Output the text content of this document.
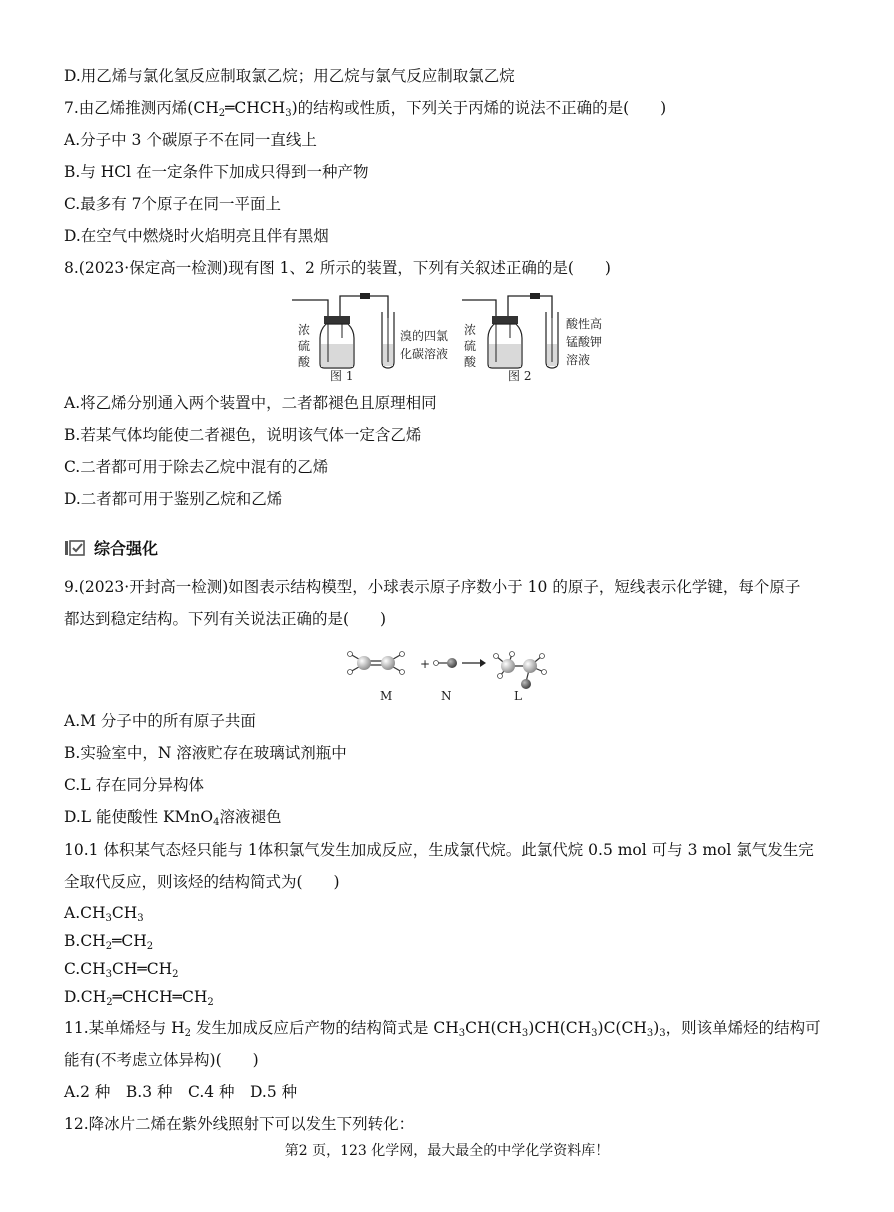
D.用乙烯与氯化氢反应制取氯乙烷；用乙烷与氯气反应制取氯乙烷
7.由乙烯推测丙烯$(CH_2═CHCH_3)$的结构或性质，下列关于丙烯的说法不正确的是(　　)
A.分子中 3 个碳原子不在同一直线上
B.与 HCl 在一定条件下加成只得到一种产物
C.最多有 7个原子在同一平面上
D.在空气中燃烧时火焰明亮且伴有黑烟
8.(2023·保定高一检测)现有图 1、2 所示的装置，下列有关叙述正确的是(　　)
浓
硫
酸
溴的四氯
化碳溶液
图 1
浓
硫
酸
酸性高
锰酸钾
溶液
图 2
A.将乙烯分别通入两个装置中，二者都褪色且原理相同
B.若某气体均能使二者褪色，说明该气体一定含乙烯
C.二者都可用于除去乙烷中混有的乙烯
D.二者都可用于鉴别乙烷和乙烯
综合强化
9.(2023·开封高一检测)如图表示结构模型，小球表示原子序数小于 10 的原子，短线表示化学键，每个原子
都达到稳定结构。下列有关说法正确的是(　　)
+
M	N	L
A.M 分子中的所有原子共面
B.实验室中，N 溶液贮存在玻璃试剂瓶中
C.L 存在同分异构体
D.L 能使酸性 KMnO$_4$溶液褪色
10.1 体积某气态烃只能与 1体积氯气发生加成反应，生成氯代烷。此氯代烷 0.5 mol 可与 3 mol 氯气发生完
全取代反应，则该烃的结构简式为(　　)
$A.CH_3CH_3$
$B.CH_2═CH_2$
$C.CH_3CH═CH_2$
$D.CH_2═CHCH═CH_2$
11.某单烯烃与 $H_2$ 发生加成反应后产物的结构简式是 $CH_3CH(CH_3)CH(CH_3)C(CH_3)_3$，则该单烯烃的结构可
能有(不考虑立体异构)(　　)
A.2 种　B.3 种　C.4 种　D.5 种
12.降冰片二烯在紫外线照射下可以发生下列转化：
第2 页，123 化学网，最大最全的中学化学资料库！
